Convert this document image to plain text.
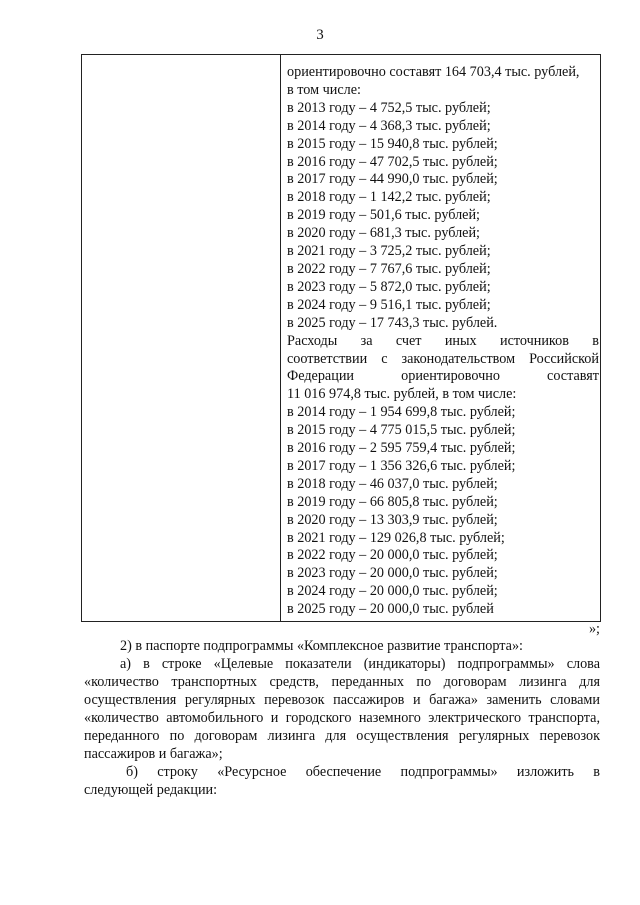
3
ориентировочно составят 164 703,4 тыс. рублей,
в том числе:
в 2013 году – 4 752,5 тыс. рублей;
в 2014 году – 4 368,3 тыс. рублей;
в 2015 году – 15 940,8 тыс. рублей;
в 2016 году – 47 702,5 тыс. рублей;
в 2017 году – 44 990,0 тыс. рублей;
в 2018 году – 1 142,2 тыс. рублей;
в 2019 году – 501,6 тыс. рублей;
в 2020 году – 681,3 тыс. рублей;
в 2021 году – 3 725,2 тыс. рублей;
в 2022 году – 7 767,6 тыс. рублей;
в 2023 году – 5 872,0 тыс. рублей;
в 2024 году – 9 516,1 тыс. рублей;
в 2025 году – 17 743,3 тыс. рублей.
Расходы за счет иных источников в
соответствии с законодательством Российской
Федерации	ориентировочно	составят
11 016 974,8 тыс. рублей, в том числе:
в 2014 году – 1 954 699,8 тыс. рублей;
в 2015 году – 4 775 015,5 тыс. рублей;
в 2016 году – 2 595 759,4 тыс. рублей;
в 2017 году – 1 356 326,6 тыс. рублей;
в 2018 году – 46 037,0 тыс. рублей;
в 2019 году – 66 805,8 тыс. рублей;
в 2020 году – 13 303,9 тыс. рублей;
в 2021 году – 129 026,8 тыс. рублей;
в 2022 году – 20 000,0 тыс. рублей;
в 2023 году – 20 000,0 тыс. рублей;
в 2024 году – 20 000,0 тыс. рублей;
в 2025 году – 20 000,0 тыс. рублей
»;

2) в паспорте подпрограммы «Комплексное развитие транспорта»:

а) в строке «Целевые показатели (индикаторы) подпрограммы» слова «количество транспортных средств, переданных по договорам лизинга для осуществления регулярных перевозок пассажиров и багажа» заменить словами «количество автомобильного и городского наземного электрического транспорта, переданного по договорам лизинга для осуществления регулярных перевозок пассажиров и багажа»;

б) строку «Ресурсное обеспечение подпрограммы» изложить в

следующей редакции:
